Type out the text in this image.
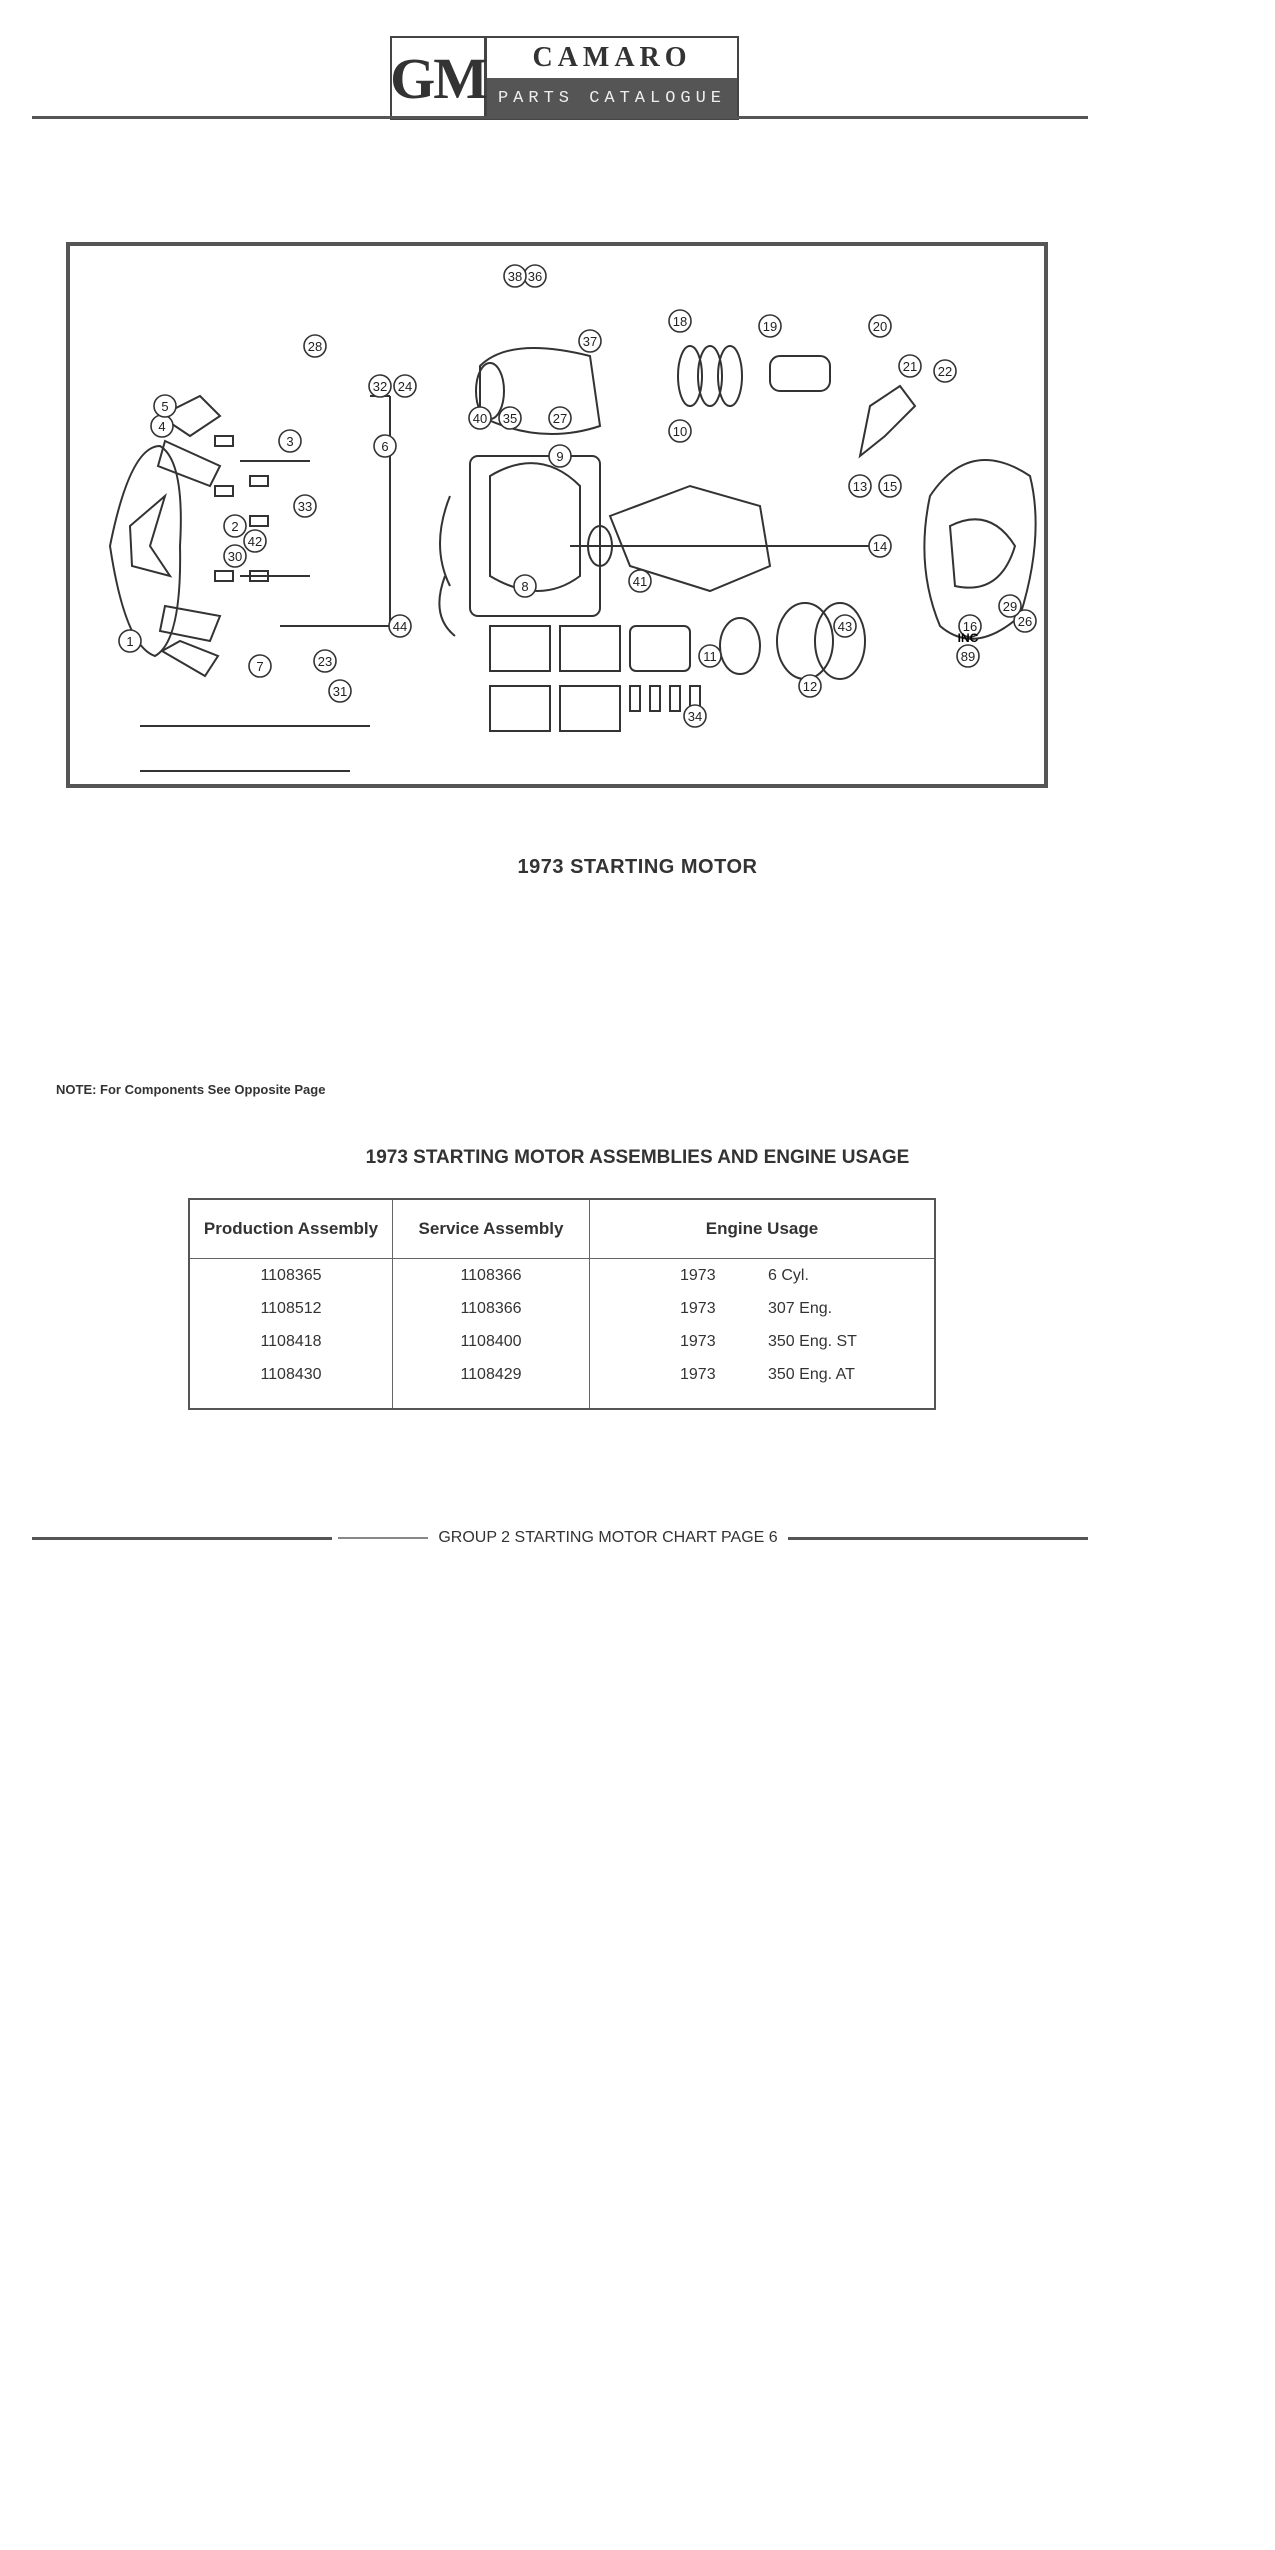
GM	CAMARO
PARTS CATALOGUE
1
2
3
4
5
6
7
8
9
10
11
12
13
14
15
16
18	19	20
21 22
23
24
26
27
28
29
30
31
32
33
34
35
36
37
38
40
41
42
43
44
89
INC
1973 STARTING MOTOR
NOTE: For Components See Opposite Page
1973 STARTING MOTOR ASSEMBLIES AND ENGINE USAGE
Production Assembly	Service Assembly	Engine Usage
1108365	1108366	1973 6 Cyl.
1108512	1108366	1973 307 Eng.
1108418	1108400	1973 350 Eng. ST
1108430	1108429	1973 350 Eng. AT

GROUP 2 STARTING MOTOR CHART PAGE 6
